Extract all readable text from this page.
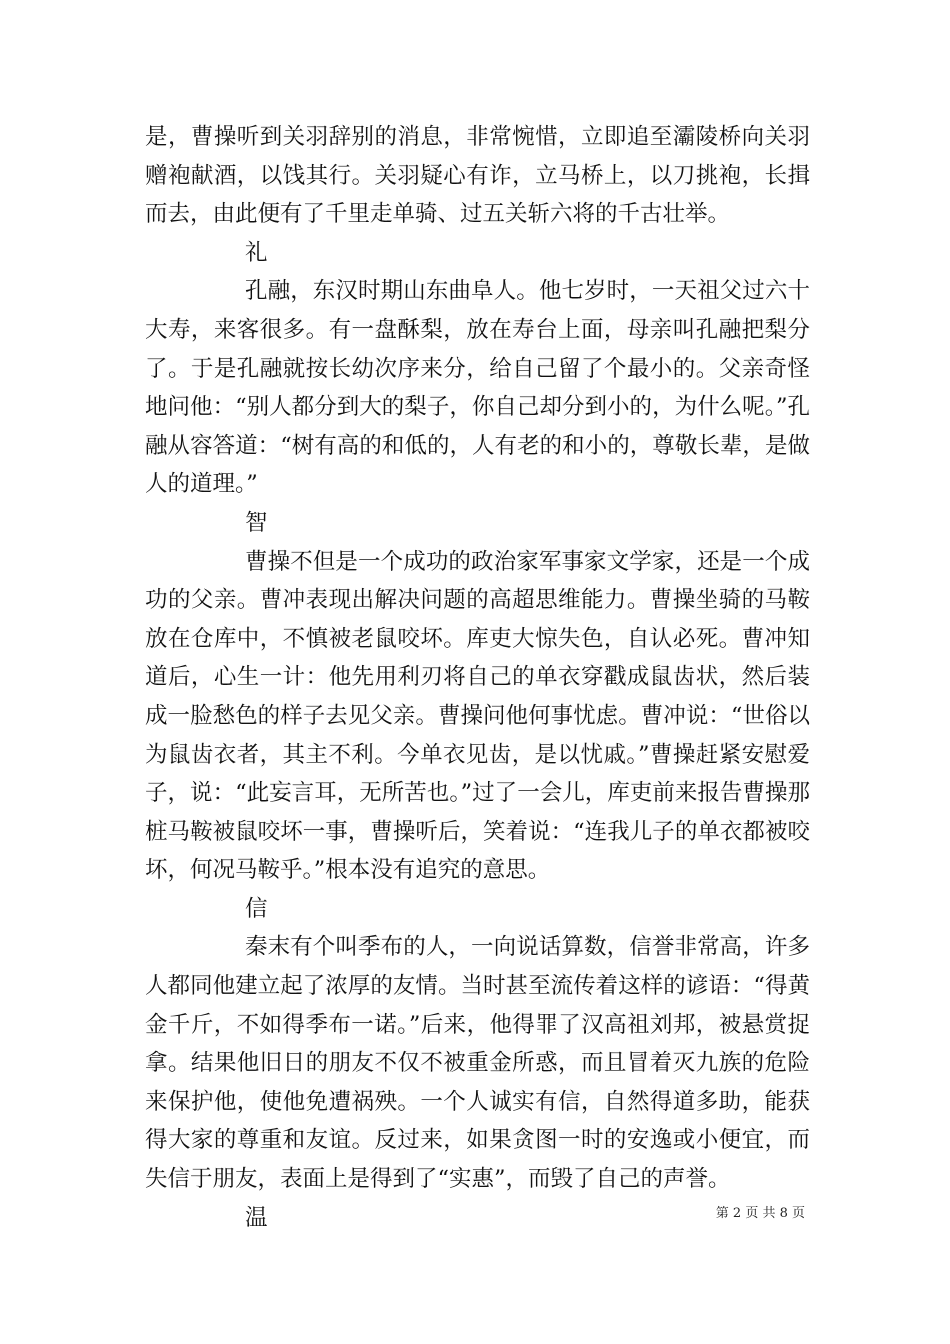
是，曹操听到关羽辞别的消息，非常惋惜，立即追至灞陵桥向关羽赠袍献酒，以饯其行。关羽疑心有诈，立马桥上，以刀挑袍，长揖而去，由此便有了千里走单骑、过五关斩六将的千古壮举。

礼

孔融，东汉时期山东曲阜人。他七岁时，一天祖父过六十大寿，来客很多。有一盘酥梨，放在寿台上面，母亲叫孔融把梨分了。于是孔融就按长幼次序来分，给自己留了个最小的。父亲奇怪地问他：“别人都分到大的梨子，你自己却分到小的，为什么呢。”孔融从容答道：“树有高的和低的，人有老的和小的，尊敬长辈，是做人的道理。”

智

曹操不但是一个成功的政治家军事家文学家，还是一个成功的父亲。曹冲表现出解决问题的高超思维能力。曹操坐骑的马鞍放在仓库中，不慎被老鼠咬坏。库吏大惊失色，自认必死。曹冲知道后，心生一计：他先用利刃将自己的单衣穿戳成鼠齿状，然后装成一脸愁色的样子去见父亲。曹操问他何事忧虑。曹冲说：“世俗以为鼠齿衣者，其主不利。今单衣见齿，是以忧戚。”曹操赶紧安慰爱子，说：“此妄言耳，无所苦也。”过了一会儿，库吏前来报告曹操那桩马鞍被鼠咬坏一事，曹操听后，笑着说：“连我儿子的单衣都被咬坏，何况马鞍乎。”根本没有追究的意思。

信

秦末有个叫季布的人，一向说话算数，信誉非常高，许多人都同他建立起了浓厚的友情。当时甚至流传着这样的谚语：“得黄金千斤，不如得季布一诺。”后来，他得罪了汉高祖刘邦，被悬赏捉拿。结果他旧日的朋友不仅不被重金所惑，而且冒着灭九族的危险来保护他，使他免遭祸殃。一个人诚实有信，自然得道多助，能获得大家的尊重和友谊。反过来，如果贪图一时的安逸或小便宜，而失信于朋友，表面上是得到了“实惠”，而毁了自己的声誉。

温	第 2 页 共 8 页
